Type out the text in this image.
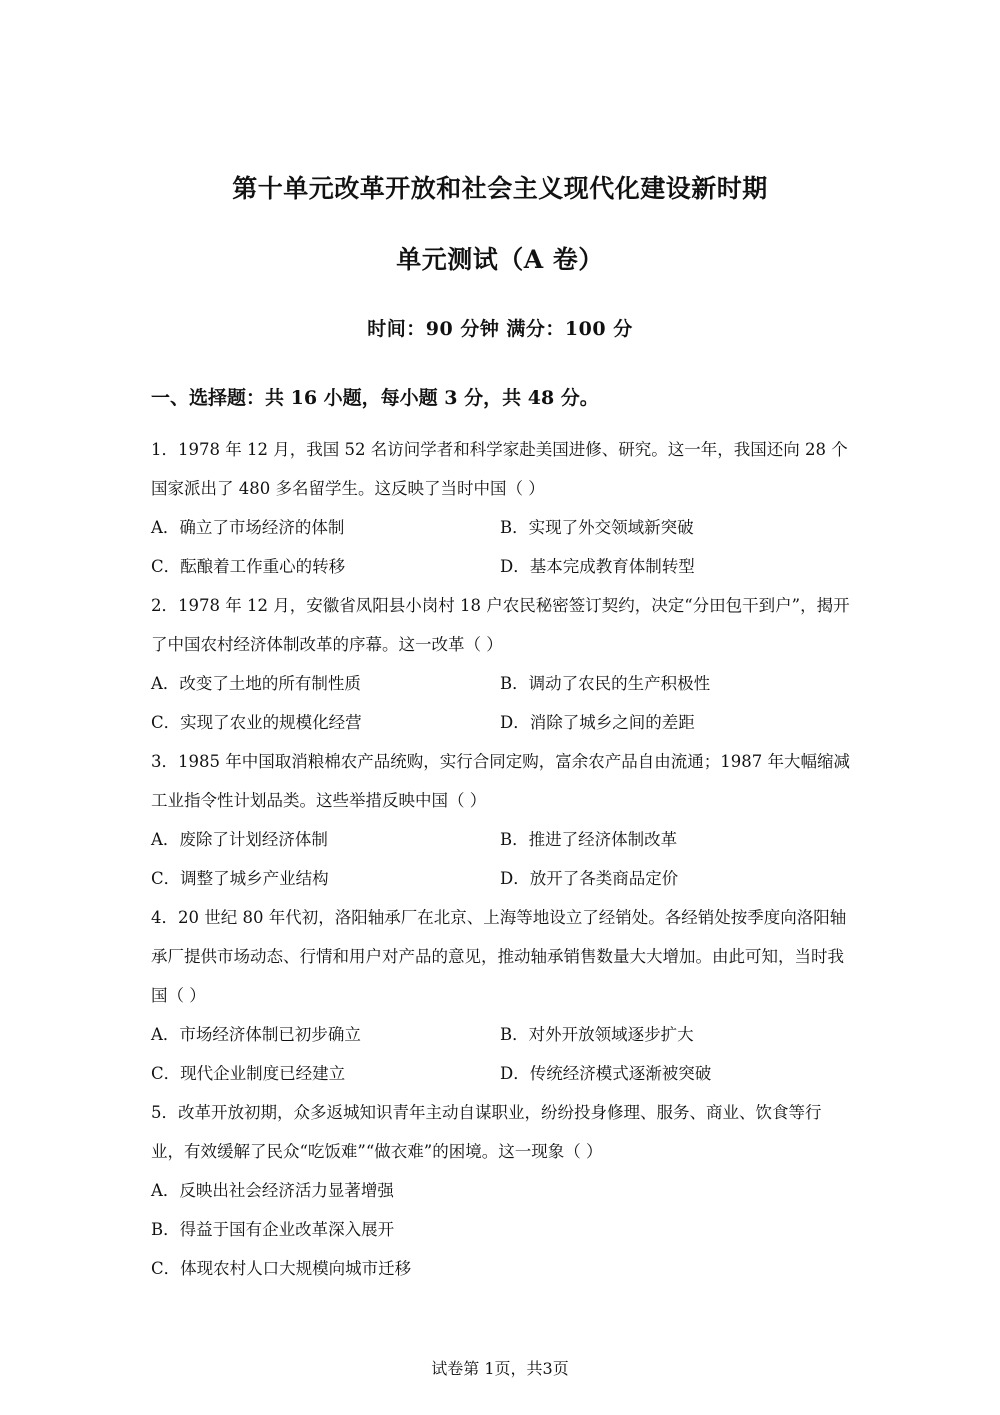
第十单元改革开放和社会主义现代化建设新时期
单元测试（A 卷）
时间：90 分钟 满分：100 分
一、选择题：共 16 小题，每小题 3 分，共 48 分。

1．1978 年 12 月，我国 52 名访问学者和科学家赴美国进修、研究。这一年，我国还向 28 个国家派出了 480 多名留学生。这反映了当时中国（ ）

A．确立了市场经济的体制	B．实现了外交领域新突破
C．酝酿着工作重心的转移	D．基本完成教育体制转型

2．1978 年 12 月，安徽省凤阳县小岗村 18 户农民秘密签订契约，决定“分田包干到户”，揭开了中国农村经济体制改革的序幕。这一改革（ ）

A．改变了土地的所有制性质	B．调动了农民的生产积极性
C．实现了农业的规模化经营	D．消除了城乡之间的差距

3．1985 年中国取消粮棉农产品统购，实行合同定购，富余农产品自由流通；1987 年大幅缩减工业指令性计划品类。这些举措反映中国（ ）

A．废除了计划经济体制	B．推进了经济体制改革
C．调整了城乡产业结构	D．放开了各类商品定价

4．20 世纪 80 年代初，洛阳轴承厂在北京、上海等地设立了经销处。各经销处按季度向洛阳轴承厂提供市场动态、行情和用户对产品的意见，推动轴承销售数量大大增加。由此可知，当时我国（ ）

A．市场经济体制已初步确立	B．对外开放领域逐步扩大
C．现代企业制度已经建立	D．传统经济模式逐渐被突破

5．改革开放初期，众多返城知识青年主动自谋职业，纷纷投身修理、服务、商业、饮食等行业，有效缓解了民众“吃饭难”“做衣难”的困境。这一现象（ ）

A．反映出社会经济活力显著增强
B．得益于国有企业改革深入展开
C．体现农村人口大规模向城市迁移
试卷第 1页，共3页
